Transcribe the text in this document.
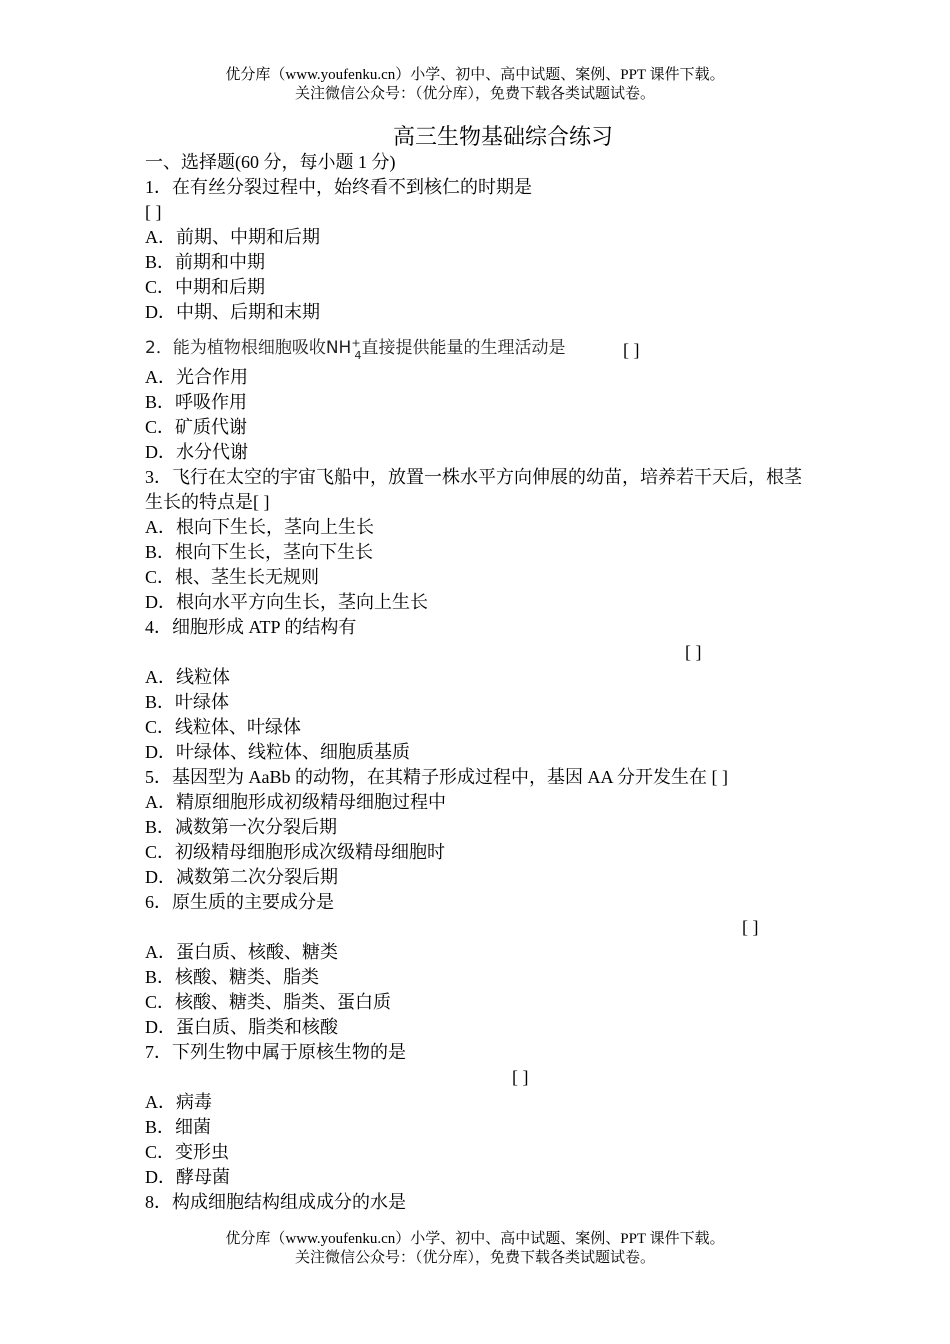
优分库（www.youfenku.cn）小学、初中、高中试题、案例、PPT 课件下载。
关注微信公众号：（优分库），免费下载各类试题试卷。
高三生物基础综合练习
一、选择题(60 分，每小题 1 分)
1．在有丝分裂过程中，始终看不到核仁的时期是
[ ]
A．前期、中期和后期
B．前期和中期
C．中期和后期
D．中期、后期和末期
2．能为植物根细胞吸收$NH^+_4$直接提供能量的生理活动是	[ ]
A．光合作用
B．呼吸作用
C．矿质代谢
D．水分代谢
3．飞行在太空的宇宙飞船中，放置一株水平方向伸展的幼苗，培养若干天后，根茎生长的特点是[ ]
A．根向下生长，茎向上生长
B．根向下生长，茎向下生长
C．根、茎生长无规则
D．根向水平方向生长，茎向上生长
4．细胞形成 ATP 的结构有
[ ]
A．线粒体
B．叶绿体
C．线粒体、叶绿体
D．叶绿体、线粒体、细胞质基质
5．基因型为 AaBb 的动物，在其精子形成过程中，基因 AA 分开发生在 [ ]
A．精原细胞形成初级精母细胞过程中
B．减数第一次分裂后期
C．初级精母细胞形成次级精母细胞时
D．减数第二次分裂后期
6．原生质的主要成分是
[ ]
A．蛋白质、核酸、糖类
B．核酸、糖类、脂类
C．核酸、糖类、脂类、蛋白质
D．蛋白质、脂类和核酸
7．下列生物中属于原核生物的是
[ ]
A．病毒
B．细菌
C．变形虫
D．酵母菌
8．构成细胞结构组成成分的水是
优分库（www.youfenku.cn）小学、初中、高中试题、案例、PPT 课件下载。
关注微信公众号：（优分库），免费下载各类试题试卷。
